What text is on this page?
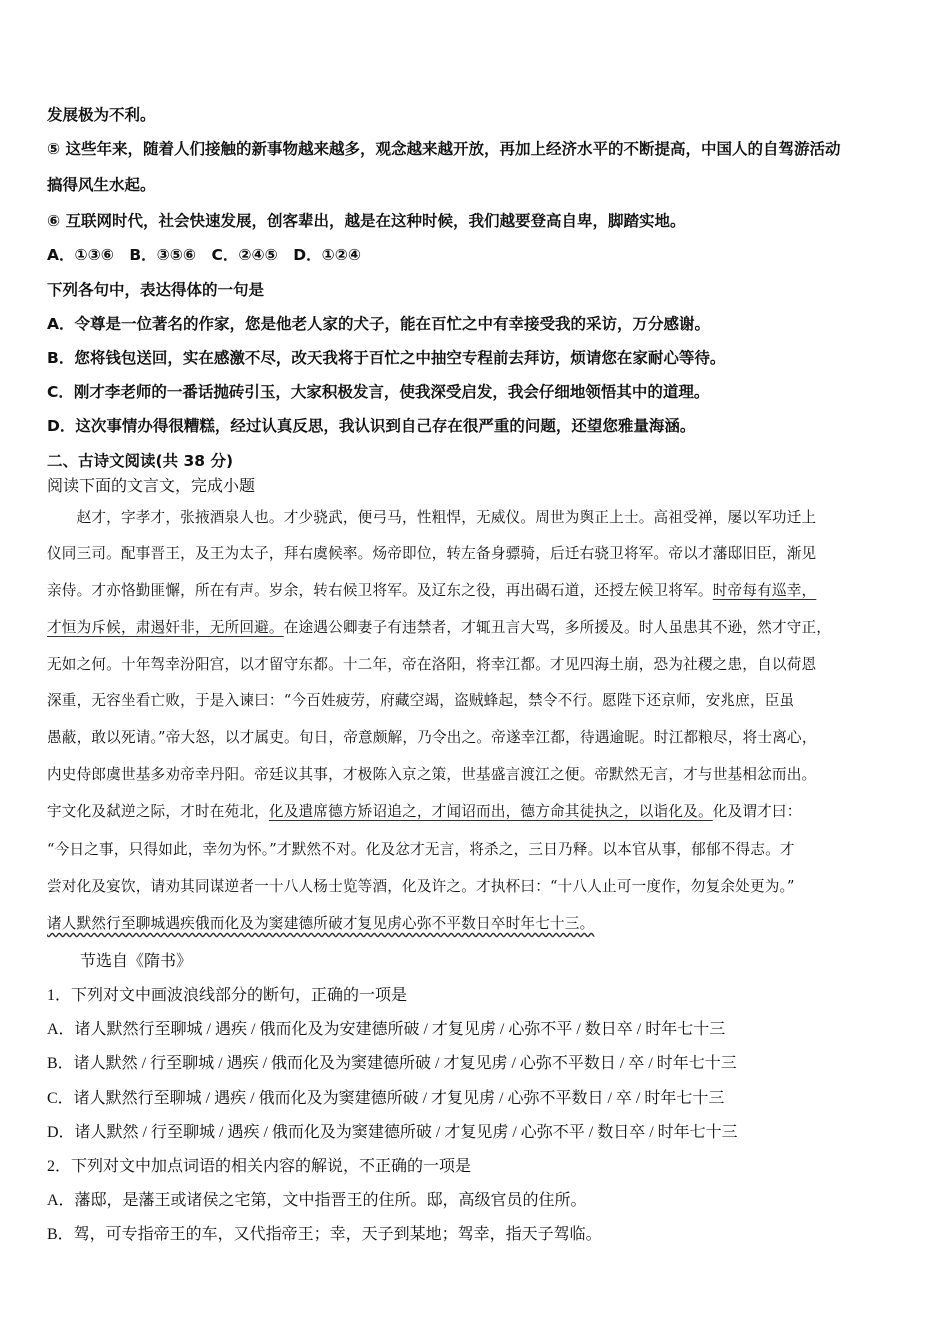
发展极为不利。
⑤ 这些年来，随着人们接触的新事物越来越多，观念越来越开放，再加上经济水平的不断提高，中国人的自驾游活动
搞得风生水起。
⑥ 互联网时代，社会快速发展，创客辈出，越是在这种时候，我们越要登高自卑，脚踏实地。
A．①③⑥　B．③⑤⑥　C．②④⑤　D．①②④
下列各句中，表达得体的一句是
A．令尊是一位著名的作家，您是他老人家的犬子，能在百忙之中有幸接受我的采访，万分感谢。
B．您将钱包送回，实在感激不尽，改天我将于百忙之中抽空专程前去拜访，烦请您在家耐心等待。
C．刚才李老师的一番话抛砖引玉，大家积极发言，使我深受启发，我会仔细地领悟其中的道理。
D．这次事情办得很糟糕，经过认真反思，我认识到自己存在很严重的问题，还望您雅量海涵。
二、古诗文阅读(共 38 分)
阅读下面的文言文，完成小题
　　赵才，字孝才，张掖酒泉人也。才少骁武，便弓马，性粗悍，无威仪。周世为舆正上士。高祖受禅，屡以军功迁上
仪同三司。配事晋王，及王为太子，拜右虞候率。炀帝即位，转左备身骠骑，后迁右骁卫将军。帝以才藩邸旧臣，渐见
亲侍。才亦恪勤匪懈，所在有声。岁余，转右候卫将军。及辽东之役，再出碣石道，还授左候卫将军。时帝每有巡幸，
才恒为斥候，肃遏奸非，无所回避。在途遇公卿妻子有违禁者，才辄丑言大骂，多所援及。时人虽患其不逊，然才守正，
无如之何。十年驾幸汾阳宫，以才留守东都。十二年，帝在洛阳，将幸江都。才见四海土崩，恐为社稷之患，自以荷恩
深重，无容坐看亡败，于是入谏曰：“今百姓疲劳，府藏空竭，盗贼蜂起，禁令不行。愿陛下还京师，安兆庶，臣虽
愚蔽，敢以死请。”帝大怒，以才属吏。旬日，帝意颇解，乃令出之。帝遂幸江都，待遇逾昵。时江都粮尽，将士离心，
内史侍郎虞世基多劝帝幸丹阳。帝廷议其事，才极陈入京之策，世基盛言渡江之便。帝默然无言，才与世基相忿而出。
宇文化及弑逆之际，才时在苑北，化及遣席德方矫诏追之，才闻诏而出，德方命其徒执之，以诣化及。化及谓才曰：
“今日之事，只得如此，幸勿为怀。”才默然不对。化及忿才无言，将杀之，三日乃释。以本官从事，郁郁不得志。才
尝对化及宴饮，请劝其同谋逆者一十八人杨士览等酒，化及许之。才执杯曰：“十八人止可一度作，勿复余处更为。”
诸人默然行至聊城遇疾俄而化及为窦建德所破才复见虏心弥不平数日卒时年七十三。
节选自《隋书》
1．下列对文中画波浪线部分的断句，正确的一项是
A．诸人默然行至聊城 / 遇疾 / 俄而化及为安建德所破 / 才复见虏 / 心弥不平 / 数日卒 / 时年七十三
B．诸人默然 / 行至聊城 / 遇疾 / 俄而化及为窦建德所破 / 才复见虏 / 心弥不平数日 / 卒 / 时年七十三
C．诸人默然行至聊城 / 遇疾 / 俄而化及为窦建德所破 / 才复见虏 / 心弥不平数日 / 卒 / 时年七十三
D．诸人默然 / 行至聊城 / 遇疾 / 俄而化及为窦建德所破 / 才复见虏 / 心弥不平 / 数日卒 / 时年七十三
2．下列对文中加点词语的相关内容的解说，不正确的一项是
A．藩邸，是藩王或诸侯之宅第，文中指晋王的住所。邸，高级官员的住所。
B．驾，可专指帝王的车，又代指帝王；幸，天子到某地；驾幸，指天子驾临。
